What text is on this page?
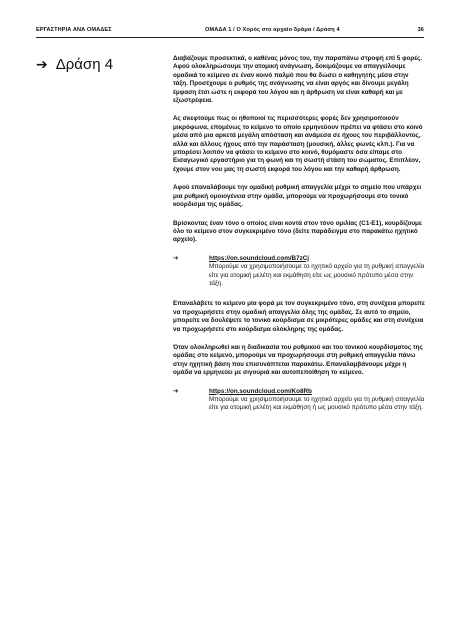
ΕΡΓΑΣΤΗΡΙΑ ΑΝΑ ΟΜΑΔΕΣ	ΟΜΑΔΑ 1 / Ο Χορός στο αρχαίο δράμα / Δράση 4	36
➔ Δράση 4	Διαβάζουμε προσεκτικά, ο καθένας μόνος του, την παραπάνω στροφή επί 5 φορές. Αφού ολοκληρώσουμε την ατομική ανάγνωση, δοκιμάζουμε να απαγγείλουμε ομαδικά το κείμενο σε έναν κοινό παλμό που θα δώσει ο καθηγητής μέσα στην τάξη. Προσέχουμε ο ρυθμός της ανάγνωσης να είναι αργός και δίνουμε μεγάλη έμφαση έτσι ώστε η εκφορά του λόγου και η άρθρωση να είναι καθαρή και με εξωστρέφεια.

Ας σκεφτούμε πως οι ηθοποιοί τις περισσότερες φορές δεν χρησιμοποιούν μικρόφωνα, επομένως το κείμενο το οποίο ερμηνεύουν πρέπει να φτάσει στο κοινό μέσα από μια αρκετά μεγάλη απόσταση και ανάμεσα σε ήχους του περιβάλλοντος, αλλά και άλλους ήχους από την παράσταση (μουσική, άλλες φωνές κλπ.). Για να μπορέσει λοιπόν να φτάσει το κείμενο στο κοινό, θυμόμαστε όσα είπαμε στο Εισαγωγικό εργαστήριο για τη φωνή και τη σωστή στάση του σώματος. Επιπλέον, έχουμε στον νου μας τη σωστή εκφορά του λόγου και την καθαρή άρθρωση.

Αφού επαναλάβουμε την ομαδική ρυθμική απαγγελία μέχρι το σημείο που υπάρχει μια ρυθμική ομοιογένεια στην ομάδα, μπορούμε να προχωρήσουμε στο τονικό κούρδισμα της ομάδας.

Βρίσκοντας έναν τόνο ο οποίος είναι κοντά στον τόνο ομιλίας (C1-E1), κουρδίζουμε όλο το κείμενο στον συγκεκριμένο τόνο (δείτε παράδειγμα στο παρακάτω ηχητικό αρχείο).

➔	https://on.soundcloud.com/B7zCj
Μπορούμε να χρησιμοποιήσουμε το ηχητικό αρχείο για τη ρυθμική απαγγελία είτε για ατομική μελέτη και εκμάθηση είτε ως μουσικό πρότυπο μέσα στην τάξη.

Επαναλάβετε το κείμενο μία φορά με τον συγκεκριμένο τόνο, στη συνέχεια μπορείτε να προχωρήσετε στην ομαδική απαγγελία όλης της ομάδας. Σε αυτό το σημείο, μπορείτε να δουλέψετε το τονικό κούρδισμα σε μικρότερες ομάδες και στη συνέχεια να προχωρήσετε στο κούρδισμα ολόκληρης της ομάδας.

Όταν ολοκληρωθεί και η διαδικασία του ρυθμικού και του τονικού κουρδίσματος της ομάδας στο κείμενο, μπορούμε να προχωρήσουμε στη ρυθμική απαγγελία πάνω στην ηχητική βάση που επισυνάπτεται παρακάτω. Επαναλαμβάνουμε μέχρι η ομάδα να ερμηνεύει με σιγουριά και αυτοπεποίθηση το κείμενο.

➔	https://on.soundcloud.com/Ko8Rb
Μπορούμε να χρησιμοποιήσουμε το ηχητικό αρχείο για τη ρυθμική απαγγελία είτε για ατομική μελέτη και εκμάθηση ή ως μουσικό πρότυπο μέσα στην τάξη.
